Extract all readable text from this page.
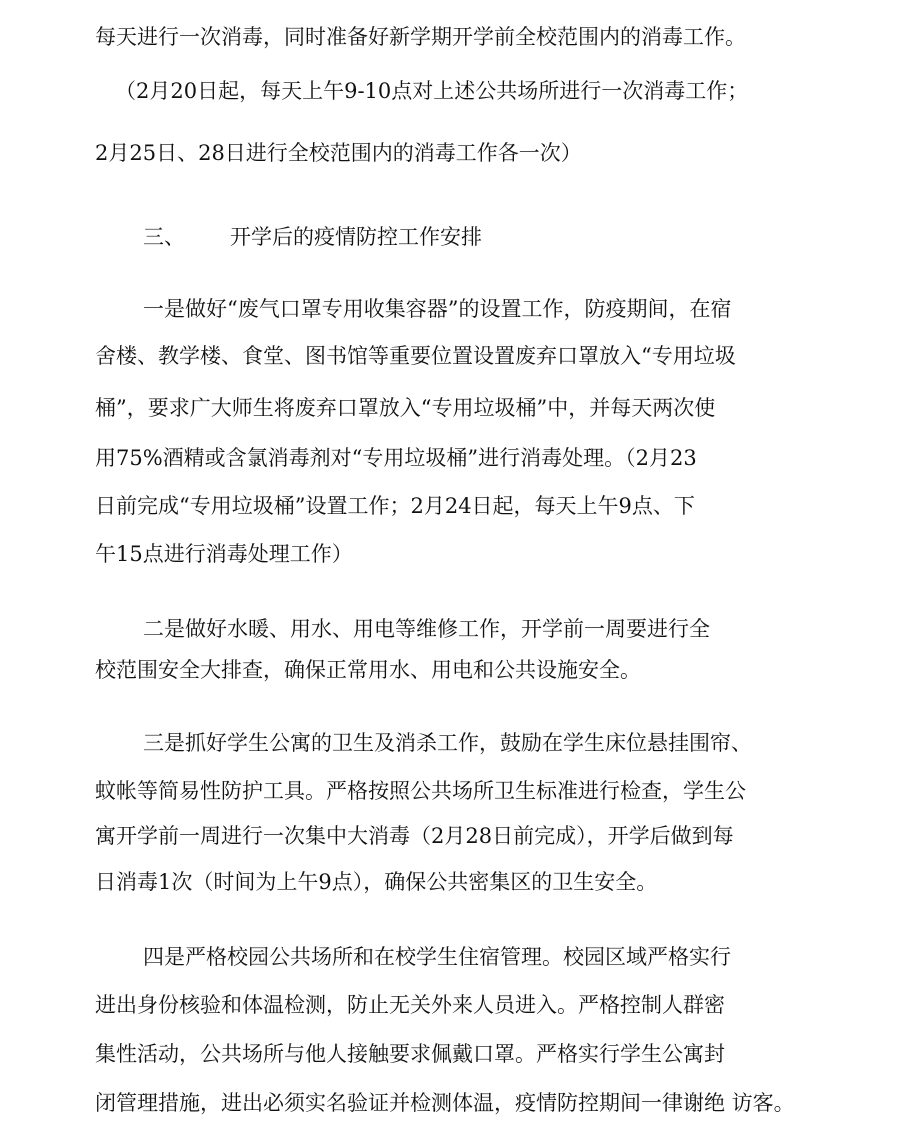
每天进行一次消毒，同时准备好新学期开学前全校范围内的消毒工作。
（2月20日起，每天上午9-10点对上述公共场所进行一次消毒工作；
2月25日、28日进行全校范围内的消毒工作各一次）
三、 开学后的疫情防控工作安排
一是做好“废气口罩专用收集容器”的设置工作，防疫期间，在宿
舍楼、教学楼、食堂、图书馆等重要位置设置废弃口罩放入“专用垃圾
桶”，要求广大师生将废弃口罩放入“专用垃圾桶”中，并每天两次使
用75%酒精或含氯消毒剂对“专用垃圾桶”进行消毒处理。（2月23
日前完成“专用垃圾桶”设置工作；2月24日起，每天上午9点、下
午15点进行消毒处理工作）
二是做好水暖、用水、用电等维修工作，开学前一周要进行全
校范围安全大排查，确保正常用水、用电和公共设施安全。
三是抓好学生公寓的卫生及消杀工作，鼓励在学生床位悬挂围帘、
蚊帐等简易性防护工具。严格按照公共场所卫生标准进行检查，学生公
寓开学前一周进行一次集中大消毒（2月28日前完成），开学后做到每
日消毒1次（时间为上午9点），确保公共密集区的卫生安全。
四是严格校园公共场所和在校学生住宿管理。校园区域严格实行
进出身份核验和体温检测，防止无关外来人员进入。严格控制人群密
集性活动，公共场所与他人接触要求佩戴口罩。严格实行学生公寓封
闭管理措施，进出必须实名验证并检测体温，疫情防控期间一律谢绝 访客。
